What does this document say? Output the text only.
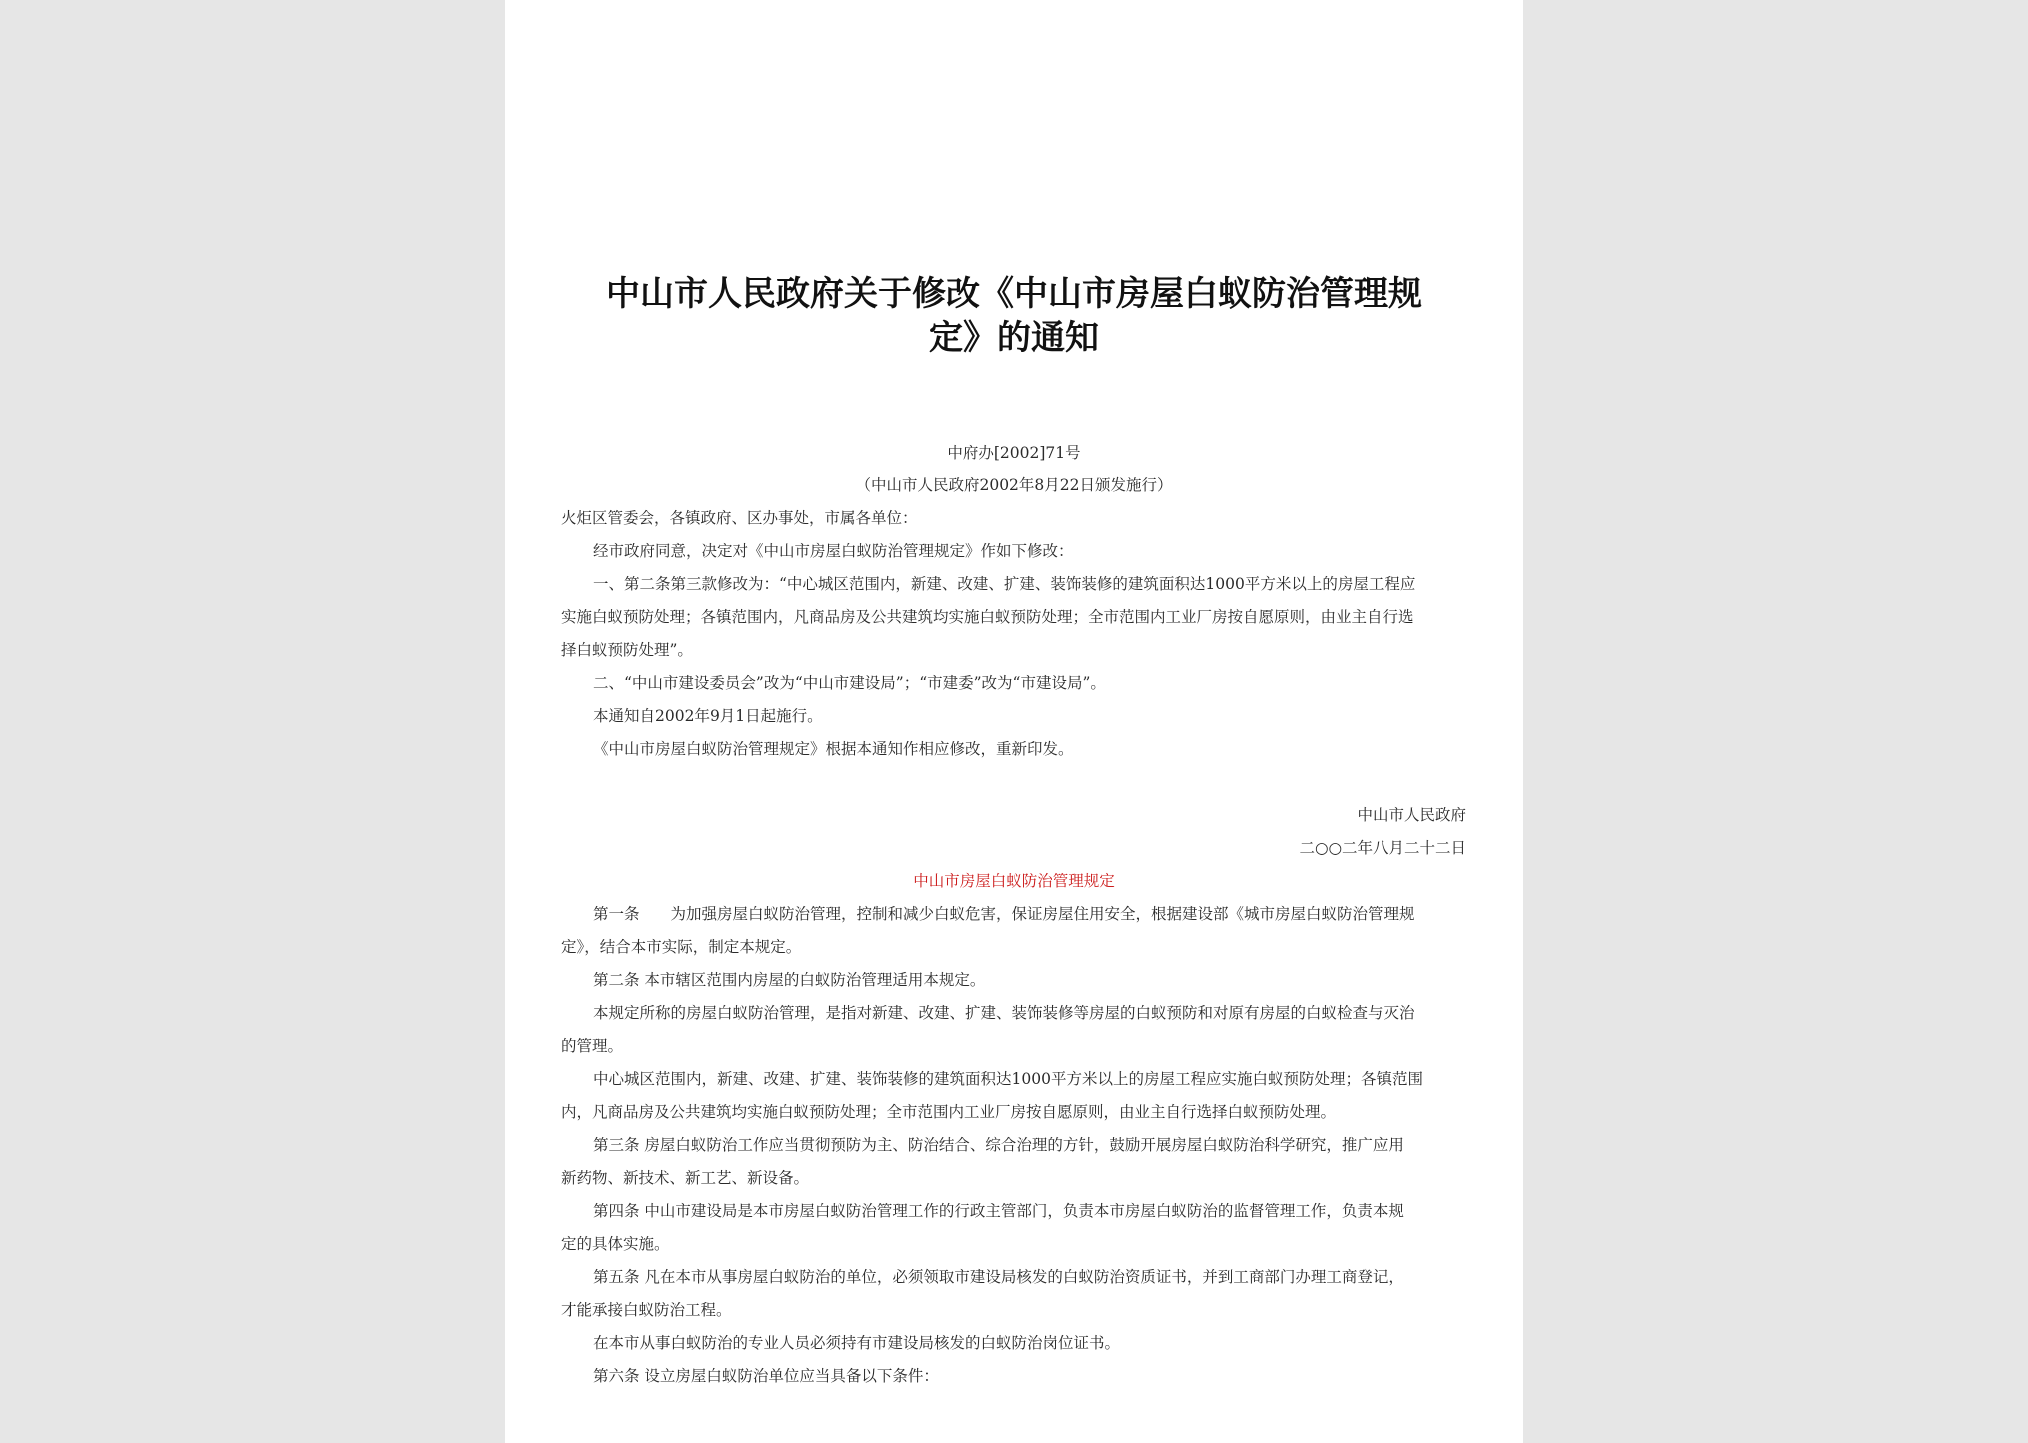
中山市人民政府关于修改《中山市房屋白蚁防治管理规
定》的通知
中府办[2002]71号
（中山市人民政府2002年8月22日颁发施行）
火炬区管委会，各镇政府、区办事处，市属各单位：
经市政府同意，决定对《中山市房屋白蚁防治管理规定》作如下修改：
一、第二条第三款修改为：“中心城区范围内，新建、改建、扩建、装饰装修的建筑面积达1000平方米以上的房屋工程应
实施白蚁预防处理；各镇范围内，凡商品房及公共建筑均实施白蚁预防处理；全市范围内工业厂房按自愿原则，由业主自行选
择白蚁预防处理”。
二、“中山市建设委员会”改为“中山市建设局”；“市建委”改为“市建设局”。
本通知自2002年9月1日起施行。
《中山市房屋白蚁防治管理规定》根据本通知作相应修改，重新印发。
中山市人民政府
二○○二年八月二十二日
中山市房屋白蚁防治管理规定
第一条　　为加强房屋白蚁防治管理，控制和减少白蚁危害，保证房屋住用安全，根据建设部《城市房屋白蚁防治管理规
定》，结合本市实际，制定本规定。
第二条 本市辖区范围内房屋的白蚁防治管理适用本规定。
本规定所称的房屋白蚁防治管理，是指对新建、改建、扩建、装饰装修等房屋的白蚁预防和对原有房屋的白蚁检查与灭治
的管理。
中心城区范围内，新建、改建、扩建、装饰装修的建筑面积达1000平方米以上的房屋工程应实施白蚁预防处理；各镇范围
内，凡商品房及公共建筑均实施白蚁预防处理；全市范围内工业厂房按自愿原则，由业主自行选择白蚁预防处理。
第三条 房屋白蚁防治工作应当贯彻预防为主、防治结合、综合治理的方针，鼓励开展房屋白蚁防治科学研究，推广应用
新药物、新技术、新工艺、新设备。
第四条 中山市建设局是本市房屋白蚁防治管理工作的行政主管部门，负责本市房屋白蚁防治的监督管理工作，负责本规
定的具体实施。
第五条 凡在本市从事房屋白蚁防治的单位，必须领取市建设局核发的白蚁防治资质证书，并到工商部门办理工商登记，
才能承接白蚁防治工程。
在本市从事白蚁防治的专业人员必须持有市建设局核发的白蚁防治岗位证书。
第六条 设立房屋白蚁防治单位应当具备以下条件：
